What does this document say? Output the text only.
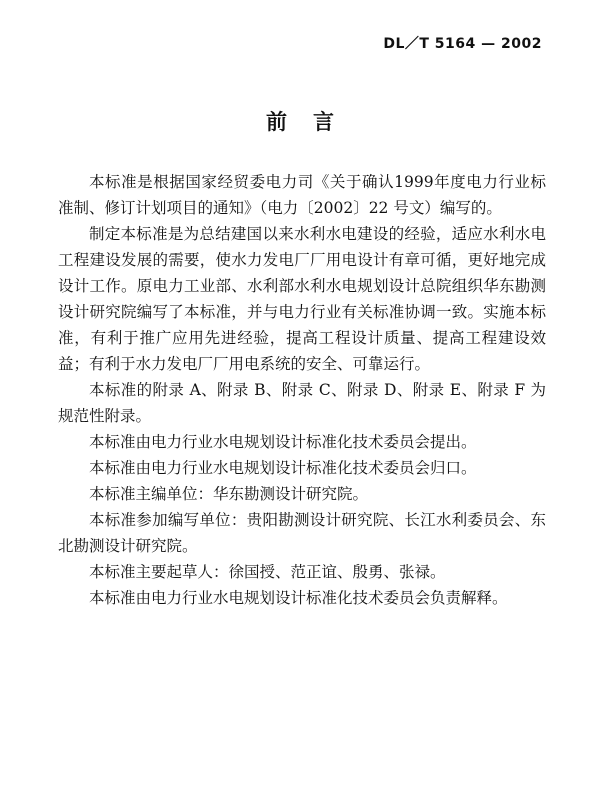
DL／T 5164 — 2002
前言

本标准是根据国家经贸委电力司《关于确认1999年度电力行业标准制、修订计划项目的通知》（电力〔2002〕22 号文）编写的。

制定本标准是为总结建国以来水利水电建设的经验，适应水利水电工程建设发展的需要，使水力发电厂厂用电设计有章可循，更好地完成设计工作。原电力工业部、水利部水利水电规划设计总院组织华东勘测设计研究院编写了本标准，并与电力行业有关标准协调一致。实施本标准，有利于推广应用先进经验，提高工程设计质量、提高工程建设效益；有利于水力发电厂厂用电系统的安全、可靠运行。

本标准的附录 A、附录 B、附录 C、附录 D、附录 E、附录 F 为规范性附录。

本标准由电力行业水电规划设计标准化技术委员会提出。

本标准由电力行业水电规划设计标准化技术委员会归口。

本标准主编单位：华东勘测设计研究院。

本标准参加编写单位：贵阳勘测设计研究院、长江水利委员会、东北勘测设计研究院。

本标准主要起草人：徐国授、范正谊、殷勇、张禄。

本标准由电力行业水电规划设计标准化技术委员会负责解释。
